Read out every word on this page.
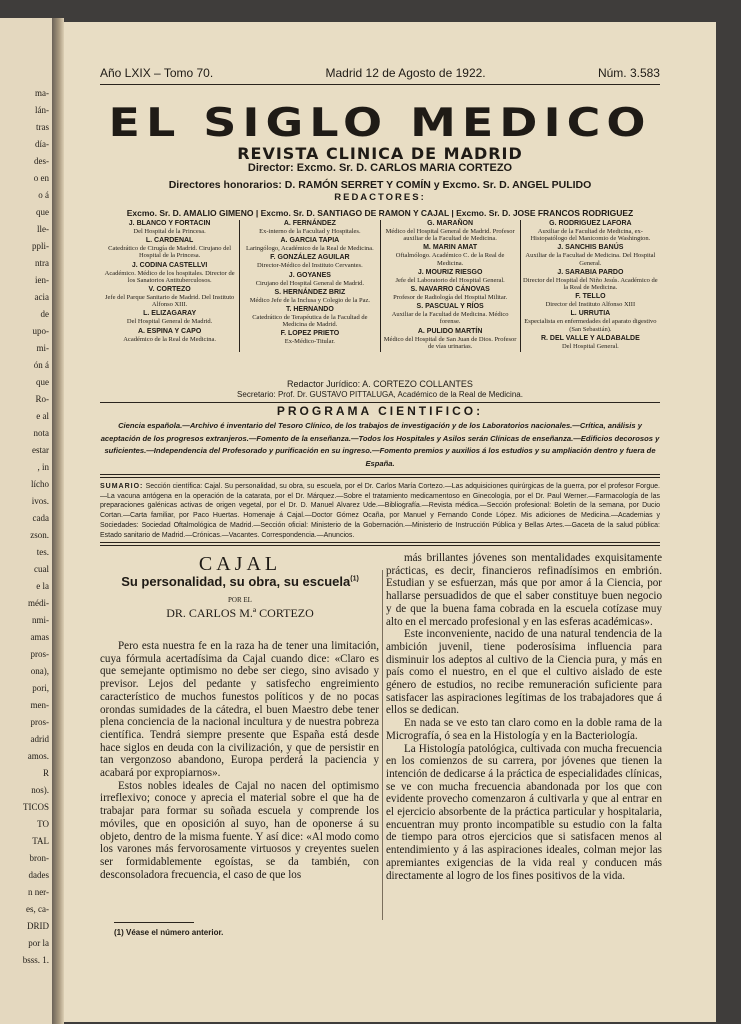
ma-
lán-
tras
día-
des-
o en
o á
que
lle-
ppli-
ntra
ien-
acia
de
upo-
mi-
ón á
que
Ro-
e al
nota
estar
, in
lícho
ivos.
cada
zson.
tes.
cual
e la
médi-
nmi-
amas
pros-
ona),
pori,
men-
pros-
adrid
amos.
R
nos).
TICOS
TO
TAL
bron-
dades
n ner-
es, ca-
DRID
por la
bsss. 1.
Año LXIX – Tomo 70.	Madrid 12 de Agosto de 1922.	Núm. 3.583
EL SIGLO MEDICO
REVISTA CLINICA DE MADRID
Director: Excmo. Sr. D. CARLOS MARIA CORTEZO
Directores honorarios: D. RAMÓN SERRET Y COMÍN y Excmo. Sr. D. ANGEL PULIDO
REDACTORES:
Excmo. Sr. D. AMALIO GIMENO | Excmo. Sr. D. SANTIAGO DE RAMON Y CAJAL | Excmo. Sr. D. JOSE FRANCOS RODRIGUEZ
J. BLANCO Y FORTACIN
Del Hospital de la Princesa.
L. CARDENAL
Catedrático de Cirugía de Madrid. Cirujano del Hospital de la Princesa.
J. CODINA CASTELLVI
Académico. Médico de los hospitales. Director de los Sanatorios Antituberculosos.
V. CORTEZO
Jefe del Parque Sanitario de Madrid. Del Instituto Alfonso XIII.
L. ELIZAGARAY
Del Hospital General de Madrid.
A. ESPINA Y CAPO
Académico de la Real de Medicina.
A. FERNÁNDEZ
Ex-interno de la Facultad y Hospitales.
A. GARCIA TAPIA
Laringólogo, Académico de la Real de Medicina.
F. GONZÁLEZ AGUILAR
Director-Médico del Instituto Cervantes.
J. GOYANES
Cirujano del Hospital General de Madrid.
S. HERNÁNDEZ BRIZ
Médico Jefe de la Inclusa y Colegio de la Paz.
T. HERNANDO
Catedrático de Terapéutica de la Facultad de Medicina de Madrid.
F. LOPEZ PRIETO
Ex-Médico-Titular.
G. MARAÑON
Médico del Hospital General de Madrid. Profesor auxiliar de la Facultad de Medicina.
M. MARIN AMAT
Oftalmólogo. Académico C. de la Real de Medicina.
J. MOURIZ RIESGO
Jefe del Laboratorio del Hospital General.
S. NAVARRO CÁNOVAS
Profesor de Radiología del Hospital Militar.
S. PASCUAL Y RÍOS
Auxiliar de la Facultad de Medicina. Médico forense.
A. PULIDO MARTÍN
Médico del Hospital de San Juan de Dios. Profesor de vías urinarias.
G. RODRIGUEZ LAFORA
Auxiliar de la Facultad de Medicina, ex-Histopatólogo del Manicomio de Washington.
J. SANCHIS BANÚS
Auxiliar de la Facultad de Medicina. Del Hospital General.
J. SARABIA PARDO
Director del Hospital del Niño Jesús. Académico de la Real de Medicina.
F. TELLO
Director del Instituto Alfonso XIII
L. URRUTIA
Especialista en enfermedades del aparato digestivo (San Sebastián).
R. DEL VALLE Y ALDABALDE
Del Hospital General.
Redactor Jurídico: A. CORTEZO COLLANTES
Secretario: Prof. Dr. GUSTAVO PITTALUGA, Académico de la Real de Medicina.
PROGRAMA CIENTIFICO:
Ciencia española.—Archivo é inventario del Tesoro Clínico, de los trabajos de investigación y de los Laboratorios nacionales.—Crítica, análisis y aceptación de los progresos extranjeros.—Fomento de la enseñanza.—Todos los Hospitales y Asilos serán Clínicas de enseñanza.—Edificios decorosos y suficientes.—Independencia del Profesorado y purificación en su ingreso.—Fomento premios y auxilios á los estudios y su ampliación dentro y fuera de España.
SUMARIO: Sección científica: Cajal. Su personalidad, su obra, su escuela, por el Dr. Carlos María Cortezo.—Las adquisiciones quirúrgicas de la guerra, por el profesor Forgue.—La vacuna antógena en la operación de la catarata, por el Dr. Márquez.—Sobre el tratamiento medicamentoso en Ginecología, por el Dr. Paul Werner.—Farmacología de las preparaciones galénicas activas de origen vegetal, por el Dr. D. Manuel Alvarez Ude.—Bibliografía.—Revista médica.—Sección profesional: Boletín de la semana, por Ducio Cortan.—Carta familiar, por Paco Huertas. Homenaje á Cajal.—Doctor Gómez Ocaña, por Manuel y Fernando Conde López. Mis adiciones de Medicina.—Academias y Sociedades: Sociedad Oftalmológica de Madrid.—Sección oficial: Ministerio de la Gobernación.—Ministerio de Instrucción Pública y Bellas Artes.—Gaceta de la salud pública: Estado sanitario de Madrid.—Crónicas.—Vacantes. Correspondencia.—Anuncios.
CAJAL
Su personalidad, su obra, su escuela$^{(1)}$
POR EL
DR. CARLOS M.ª CORTEZO

Pero esta nuestra fe en la raza ha de tener una limitación, cuya fórmula acertadísima da Cajal cuando dice: «Claro es que semejante optimismo no debe ser ciego, sino avisado y previsor. Lejos del pedante y satisfecho engreimiento característico de muchos funestos políticos y de no pocas orondas sumidades de la cátedra, el buen Maestro debe tener plena conciencia de la nacional incultura y de nuestra pobreza científica. Tendrá siempre presente que España está desde hace siglos en deuda con la civilización, y que de persistir en tan vergonzoso abandono, Europa perderá la paciencia y acabará por expropiarnos».

Estos nobles ideales de Cajal no nacen del optimismo irreflexivo; conoce y aprecia el material sobre el que ha de trabajar para formar su soñada escuela y comprende los móviles, que en oposición al suyo, han de oponerse á su objeto, dentro de la misma fuente. Y así dice: «Al modo como los varones más fervorosamente virtuosos y creyentes suelen ser formidablemente egoístas, se da también, con desconsoladora frecuencia, el caso de que los

más brillantes jóvenes son mentalidades exquisitamente prácticas, es decir, financieros refinadísimos en embrión. Estudian y se esfuerzan, más que por amor á la Ciencia, por hallarse persuadidos de que el saber constituye buen negocio y de que la buena fama cobrada en la escuela cotízase muy alto en el mercado profesional y en las esferas académicas».

Este inconveniente, nacido de una natural tendencia de la ambición juvenil, tiene poderosísima influencia para disminuir los adeptos al cultivo de la Ciencia pura, y más en país como el nuestro, en el que el cultivo aislado de este género de estudios, no recibe remuneración suficiente para satisfacer las aspiraciones legítimas de los trabajadores que á ellos se dedican.

En nada se ve esto tan claro como en la doble rama de la Micrografía, ó sea en la Histología y en la Bacteriología.

La Histología patológica, cultivada con mucha frecuencia en los comienzos de su carrera, por jóvenes que tienen la intención de dedicarse á la práctica de especialidades clínicas, se ve con mucha frecuencia abandonada por los que con evidente provecho comenzaron á cultivarla y que al entrar en el ejercicio absorbente de la práctica particular y hospitalaria, encuentran muy pronto incompatible su estudio con la falta de tiempo para otros ejercicios que si satisfacen menos al entendimiento y á las aspiraciones ideales, colman mejor las apremiantes exigencias de la vida real y conducen más directamente al logro de los fines positivos de la vida.

(1) Véase el número anterior.
